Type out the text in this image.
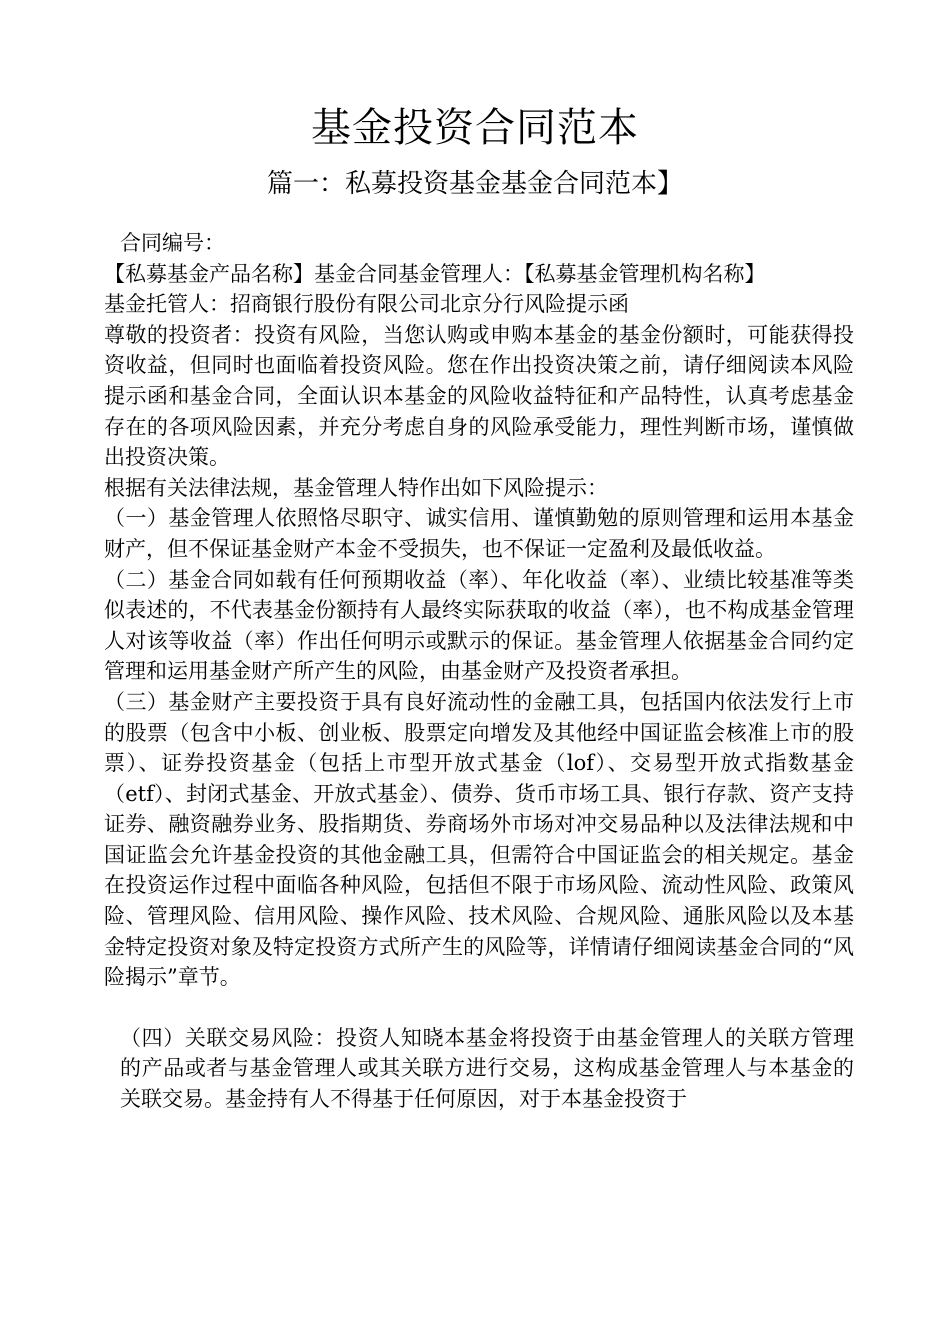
基金投资合同范本
篇一：私募投资基金基金合同范本】

合同编号：

【私募基金产品名称】基金合同基金管理人：【私募基金管理机构名称】

基金托管人：招商银行股份有限公司北京分行风险提示函

尊敬的投资者：投资有风险，当您认购或申购本基金的基金份额时，可能获得投资收益，但同时也面临着投资风险。您在作出投资决策之前，请仔细阅读本风险提示函和基金合同，全面认识本基金的风险收益特征和产品特性，认真考虑基金存在的各项风险因素，并充分考虑自身的风险承受能力，理性判断市场，谨慎做出投资决策。

根据有关法律法规，基金管理人特作出如下风险提示：

（一）基金管理人依照恪尽职守、诚实信用、谨慎勤勉的原则管理和运用本基金财产，但不保证基金财产本金不受损失，也不保证一定盈利及最低收益。

（二）基金合同如载有任何预期收益（率）、年化收益（率）、业绩比较基准等类似表述的，不代表基金份额持有人最终实际获取的收益（率），也不构成基金管理人对该等收益（率）作出任何明示或默示的保证。基金管理人依据基金合同约定管理和运用基金财产所产生的风险，由基金财产及投资者承担。

（三）基金财产主要投资于具有良好流动性的金融工具，包括国内依法发行上市的股票（包含中小板、创业板、股票定向增发及其他经中国证监会核准上市的股票）、证券投资基金（包括上市型开放式基金（lof）、交易型开放式指数基金（etf）、封闭式基金、开放式基金）、债券、货币市场工具、银行存款、资产支持证券、融资融券业务、股指期货、券商场外市场对冲交易品种以及法律法规和中国证监会允许基金投资的其他金融工具，但需符合中国证监会的相关规定。基金在投资运作过程中面临各种风险，包括但不限于市场风险、流动性风险、政策风险、管理风险、信用风险、操作风险、技术风险、合规风险、通胀风险以及本基金特定投资对象及特定投资方式所产生的风险等，详情请仔细阅读基金合同的“风险揭示”章节。

（四）关联交易风险：投资人知晓本基金将投资于由基金管理人的关联方管理的产品或者与基金管理人或其关联方进行交易，这构成基金管理人与本基金的关联交易。基金持有人不得基于任何原因，对于本基金投资于
